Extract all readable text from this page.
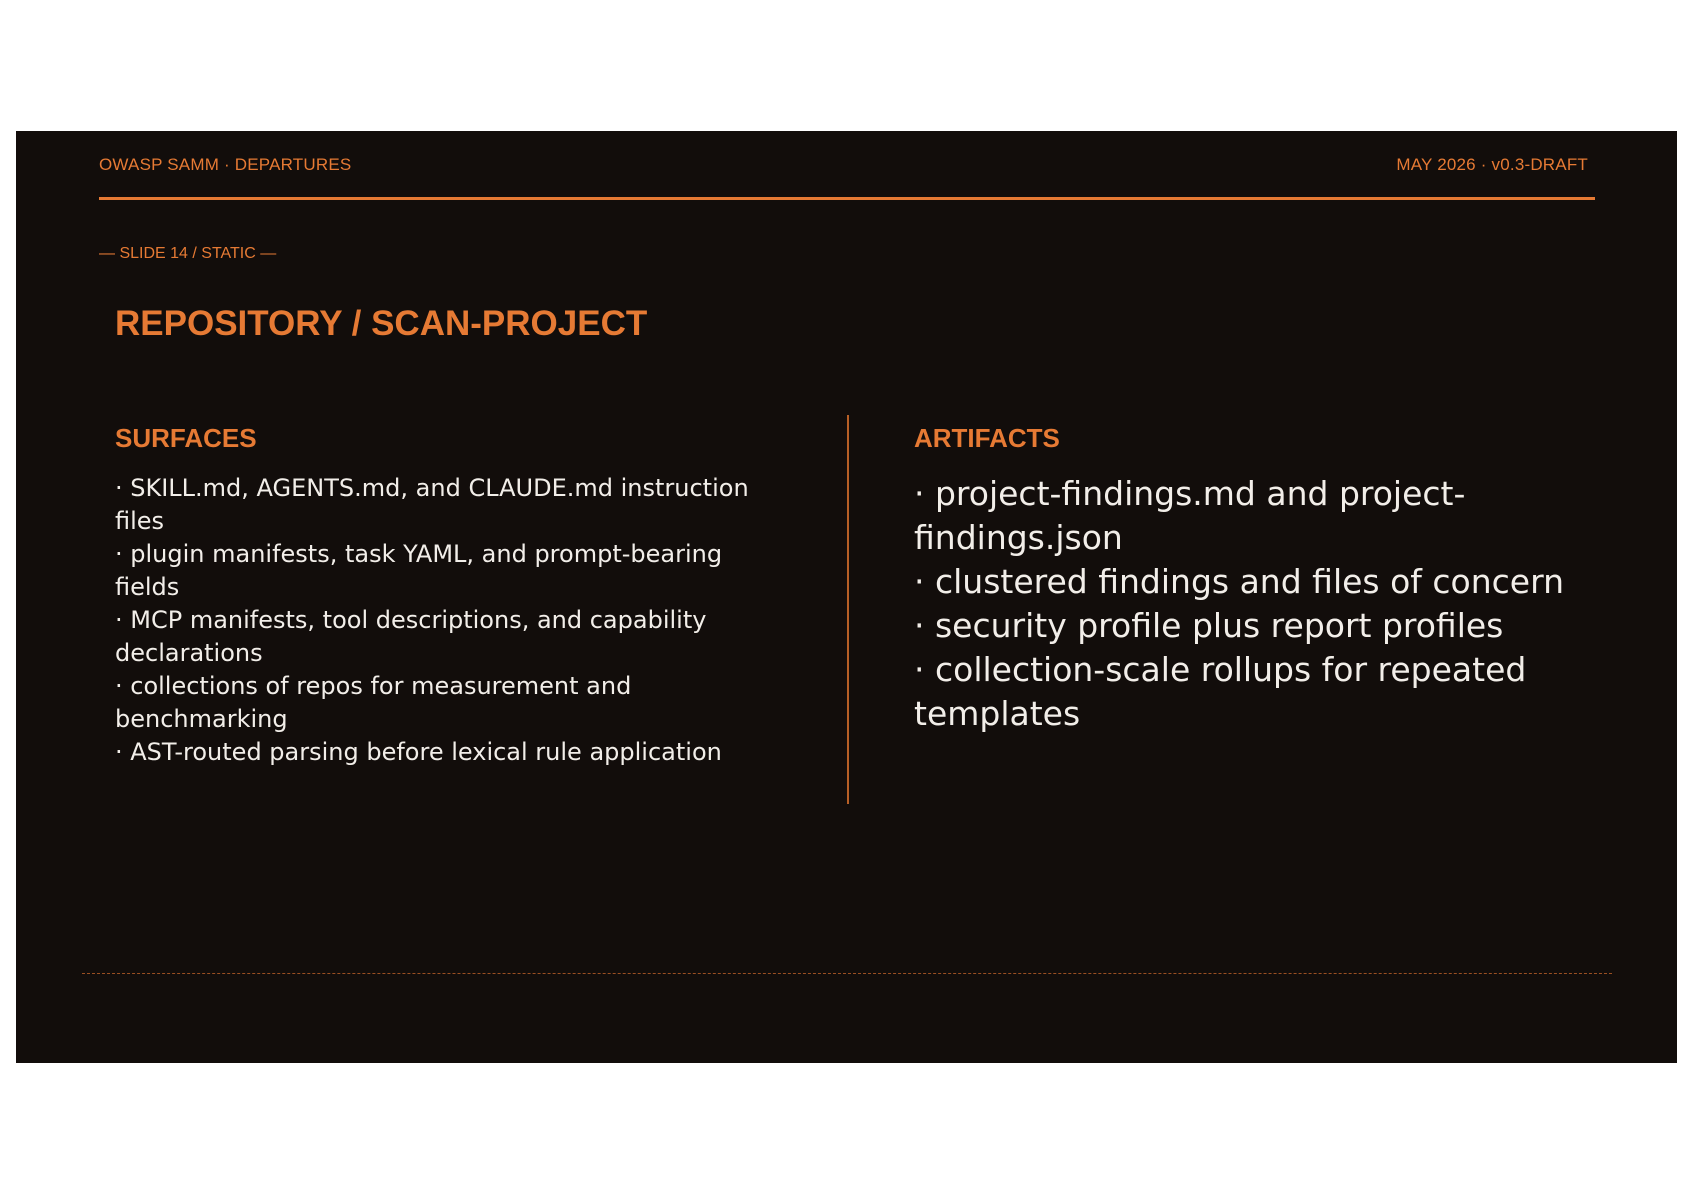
OWASP SAMM · DEPARTURES	MAY 2026 · v0.3-DRAFT
— SLIDE 14 / STATIC —
REPOSITORY / SCAN-PROJECT
SURFACES
· SKILL.md, AGENTS.md, and CLAUDE.md instruction files
· plugin manifests, task YAML, and prompt-bearing fields
· MCP manifests, tool descriptions, and capability declarations
· collections of repos for measurement and benchmarking
· AST-routed parsing before lexical rule application
ARTIFACTS
· project-findings.md and project-findings.json
· clustered findings and files of concern
· security profile plus report profiles
· collection-scale rollups for repeated templates
